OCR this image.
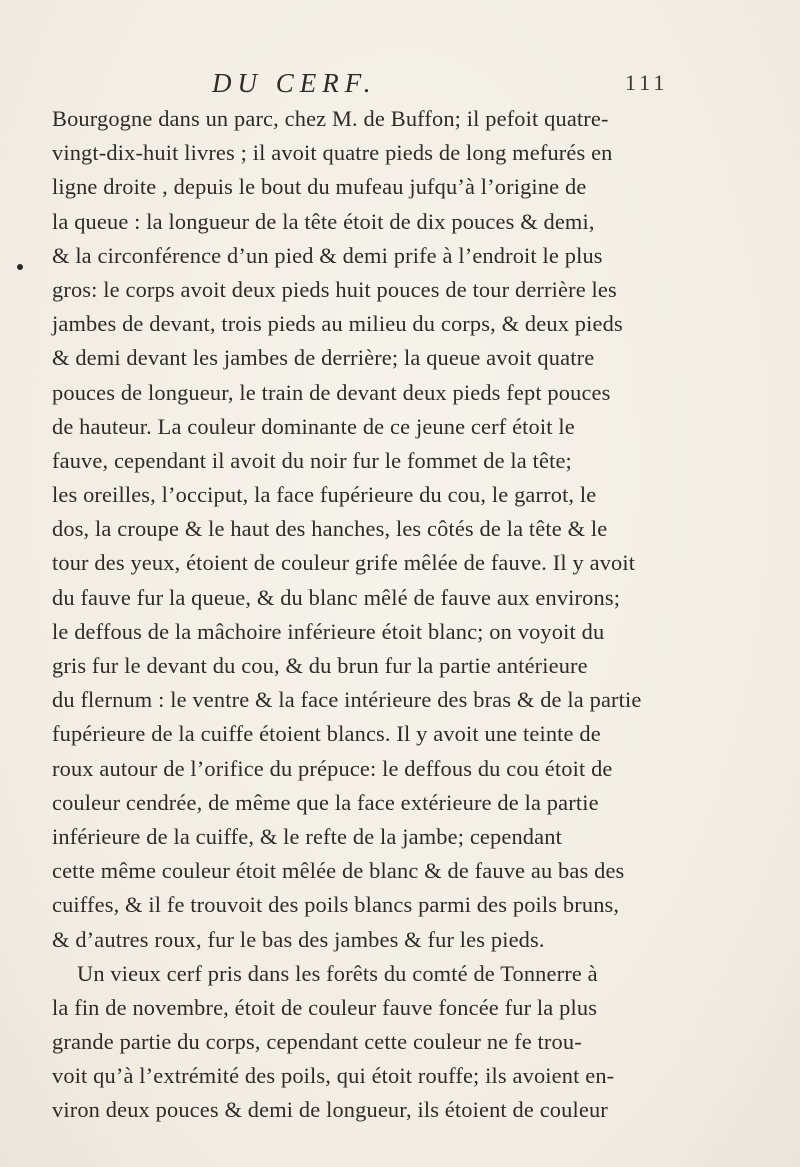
DU CERF.	111
Bourgogne dans un parc, chez M. de Buffon; il pefoit quatre-
vingt-dix-huit livres ; il avoit quatre pieds de long mefurés en
ligne droite , depuis le bout du mufeau jufqu’à l’origine de
la queue : la longueur de la tête étoit de dix pouces & demi,
& la circonférence d’un pied & demi prife à l’endroit le plus
gros: le corps avoit deux pieds huit pouces de tour derrière les
jambes de devant, trois pieds au milieu du corps, & deux pieds
& demi devant les jambes de derrière; la queue avoit quatre
pouces de longueur, le train de devant deux pieds fept pouces
de hauteur. La couleur dominante de ce jeune cerf étoit le
fauve, cependant il avoit du noir fur le fommet de la tête;
les oreilles, l’occiput, la face fupérieure du cou, le garrot, le
dos, la croupe & le haut des hanches, les côtés de la tête & le
tour des yeux, étoient de couleur grife mêlée de fauve. Il y avoit
du fauve fur la queue, & du blanc mêlé de fauve aux environs;
le deffous de la mâchoire inférieure étoit blanc; on voyoit du
gris fur le devant du cou, & du brun fur la partie antérieure
du flernum : le ventre & la face intérieure des bras & de la partie
fupérieure de la cuiffe étoient blancs. Il y avoit une teinte de
roux autour de l’orifice du prépuce: le deffous du cou étoit de
couleur cendrée, de même que la face extérieure de la partie
inférieure de la cuiffe, & le refte de la jambe; cependant
cette même couleur étoit mêlée de blanc & de fauve au bas des
cuiffes, & il fe trouvoit des poils blancs parmi des poils bruns,
& d’autres roux, fur le bas des jambes & fur les pieds.
Un vieux cerf pris dans les forêts du comté de Tonnerre à
la fin de novembre, étoit de couleur fauve foncée fur la plus
grande partie du corps, cependant cette couleur ne fe trou-
voit qu’à l’extrémité des poils, qui étoit rouffe; ils avoient en-
viron deux pouces & demi de longueur, ils étoient de couleur
